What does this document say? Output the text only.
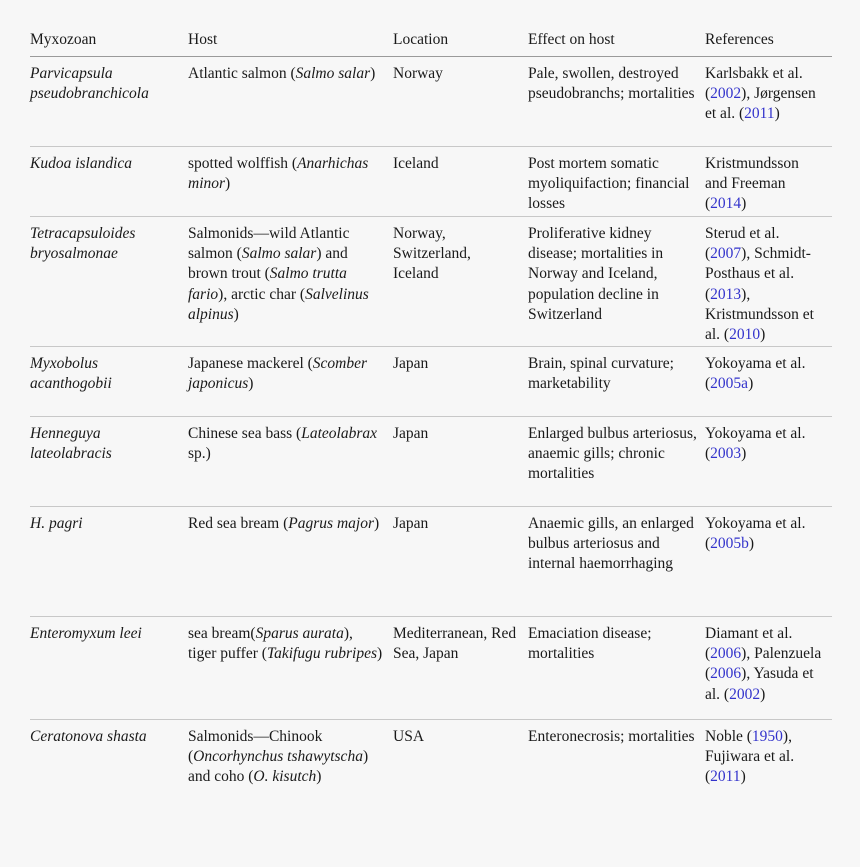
Myxozoan	Host	Location	Effect on host	References

Parvicapsula pseudobranchicola	Atlantic salmon (Salmo salar)	Norway	Pale, swollen, destroyed pseudobranchs; mortalities	Karlsbakk et al. (2002), Jørgensen et al. (2011)

Kudoa islandica	spotted wolffish (Anarhichas minor)	Iceland	Post mortem somatic myoliquifaction; financial losses	Kristmundsson and Freeman (2014)

Tetracapsuloides bryosalmonae	Salmonids—wild Atlantic salmon (Salmo salar) and brown trout (Salmo trutta fario), arctic char (Salvelinus alpinus)	Norway, Switzerland, Iceland	Proliferative kidney disease; mortalities in Norway and Iceland, population decline in Switzerland	Sterud et al. (2007), Schmidt-Posthaus et al. (2013), Kristmundsson et al. (2010)

Myxobolus acanthogobii	Japanese mackerel (Scomber japonicus)	Japan	Brain, spinal curvature; marketability	Yokoyama et al. (2005a)

Henneguya lateolabracis	Chinese sea bass (Lateolabrax sp.)	Japan	Enlarged bulbus arteriosus, anaemic gills; chronic mortalities	Yokoyama et al. (2003)

H. pagri	Red sea bream (Pagrus major)	Japan	Anaemic gills, an enlarged bulbus arteriosus and internal haemorrhaging	Yokoyama et al. (2005b)

Enteromyxum leei	sea bream(Sparus aurata), tiger puffer (Takifugu rubripes)	Mediterranean, Red Sea, Japan	Emaciation disease; mortalities	Diamant et al. (2006), Palenzuela (2006), Yasuda et al. (2002)

Ceratonova shasta	Salmonids—Chinook (Oncorhynchus tshawytscha) and coho (O. kisutch)	USA	Enteronecrosis; mortalities	Noble (1950), Fujiwara et al. (2011)
